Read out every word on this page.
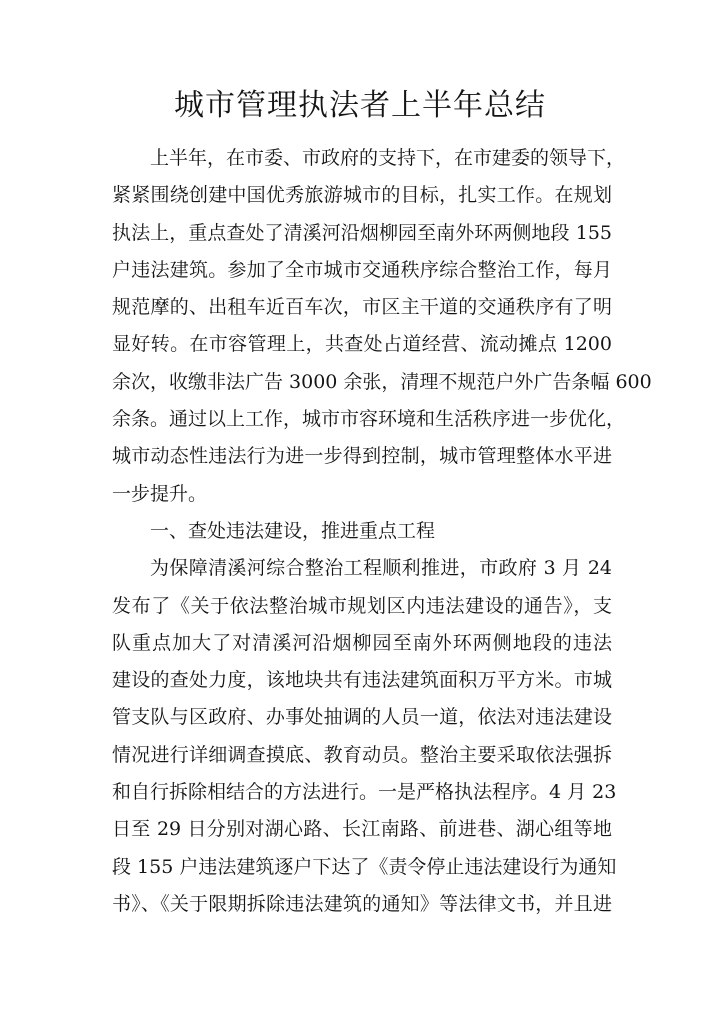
城市管理执法者上半年总结
上半年，在市委、市政府的支持下，在市建委的领导下，
紧紧围绕创建中国优秀旅游城市的目标，扎实工作。在规划
执法上，重点查处了清溪河沿烟柳园至南外环两侧地段 155
户违法建筑。参加了全市城市交通秩序综合整治工作，每月
规范摩的、出租车近百车次，市区主干道的交通秩序有了明
显好转。在市容管理上，共查处占道经营、流动摊点 1200
余次，收缴非法广告 3000 余张，清理不规范户外广告条幅 600
余条。通过以上工作，城市市容环境和生活秩序进一步优化，
城市动态性违法行为进一步得到控制，城市管理整体水平进
一步提升。
一、查处违法建设，推进重点工程
为保障清溪河综合整治工程顺利推进，市政府 3 月 24
发布了《关于依法整治城市规划区内违法建设的通告》，支
队重点加大了对清溪河沿烟柳园至南外环两侧地段的违法
建设的查处力度，该地块共有违法建筑面积万平方米。市城
管支队与区政府、办事处抽调的人员一道，依法对违法建设
情况进行详细调查摸底、教育动员。整治主要采取依法强拆
和自行拆除相结合的方法进行。一是严格执法程序。4 月 23
日至 29 日分别对湖心路、长江南路、前进巷、湖心组等地
段 155 户违法建筑逐户下达了《责令停止违法建设行为通知
书》、《关于限期拆除违法建筑的通知》等法律文书，并且进
